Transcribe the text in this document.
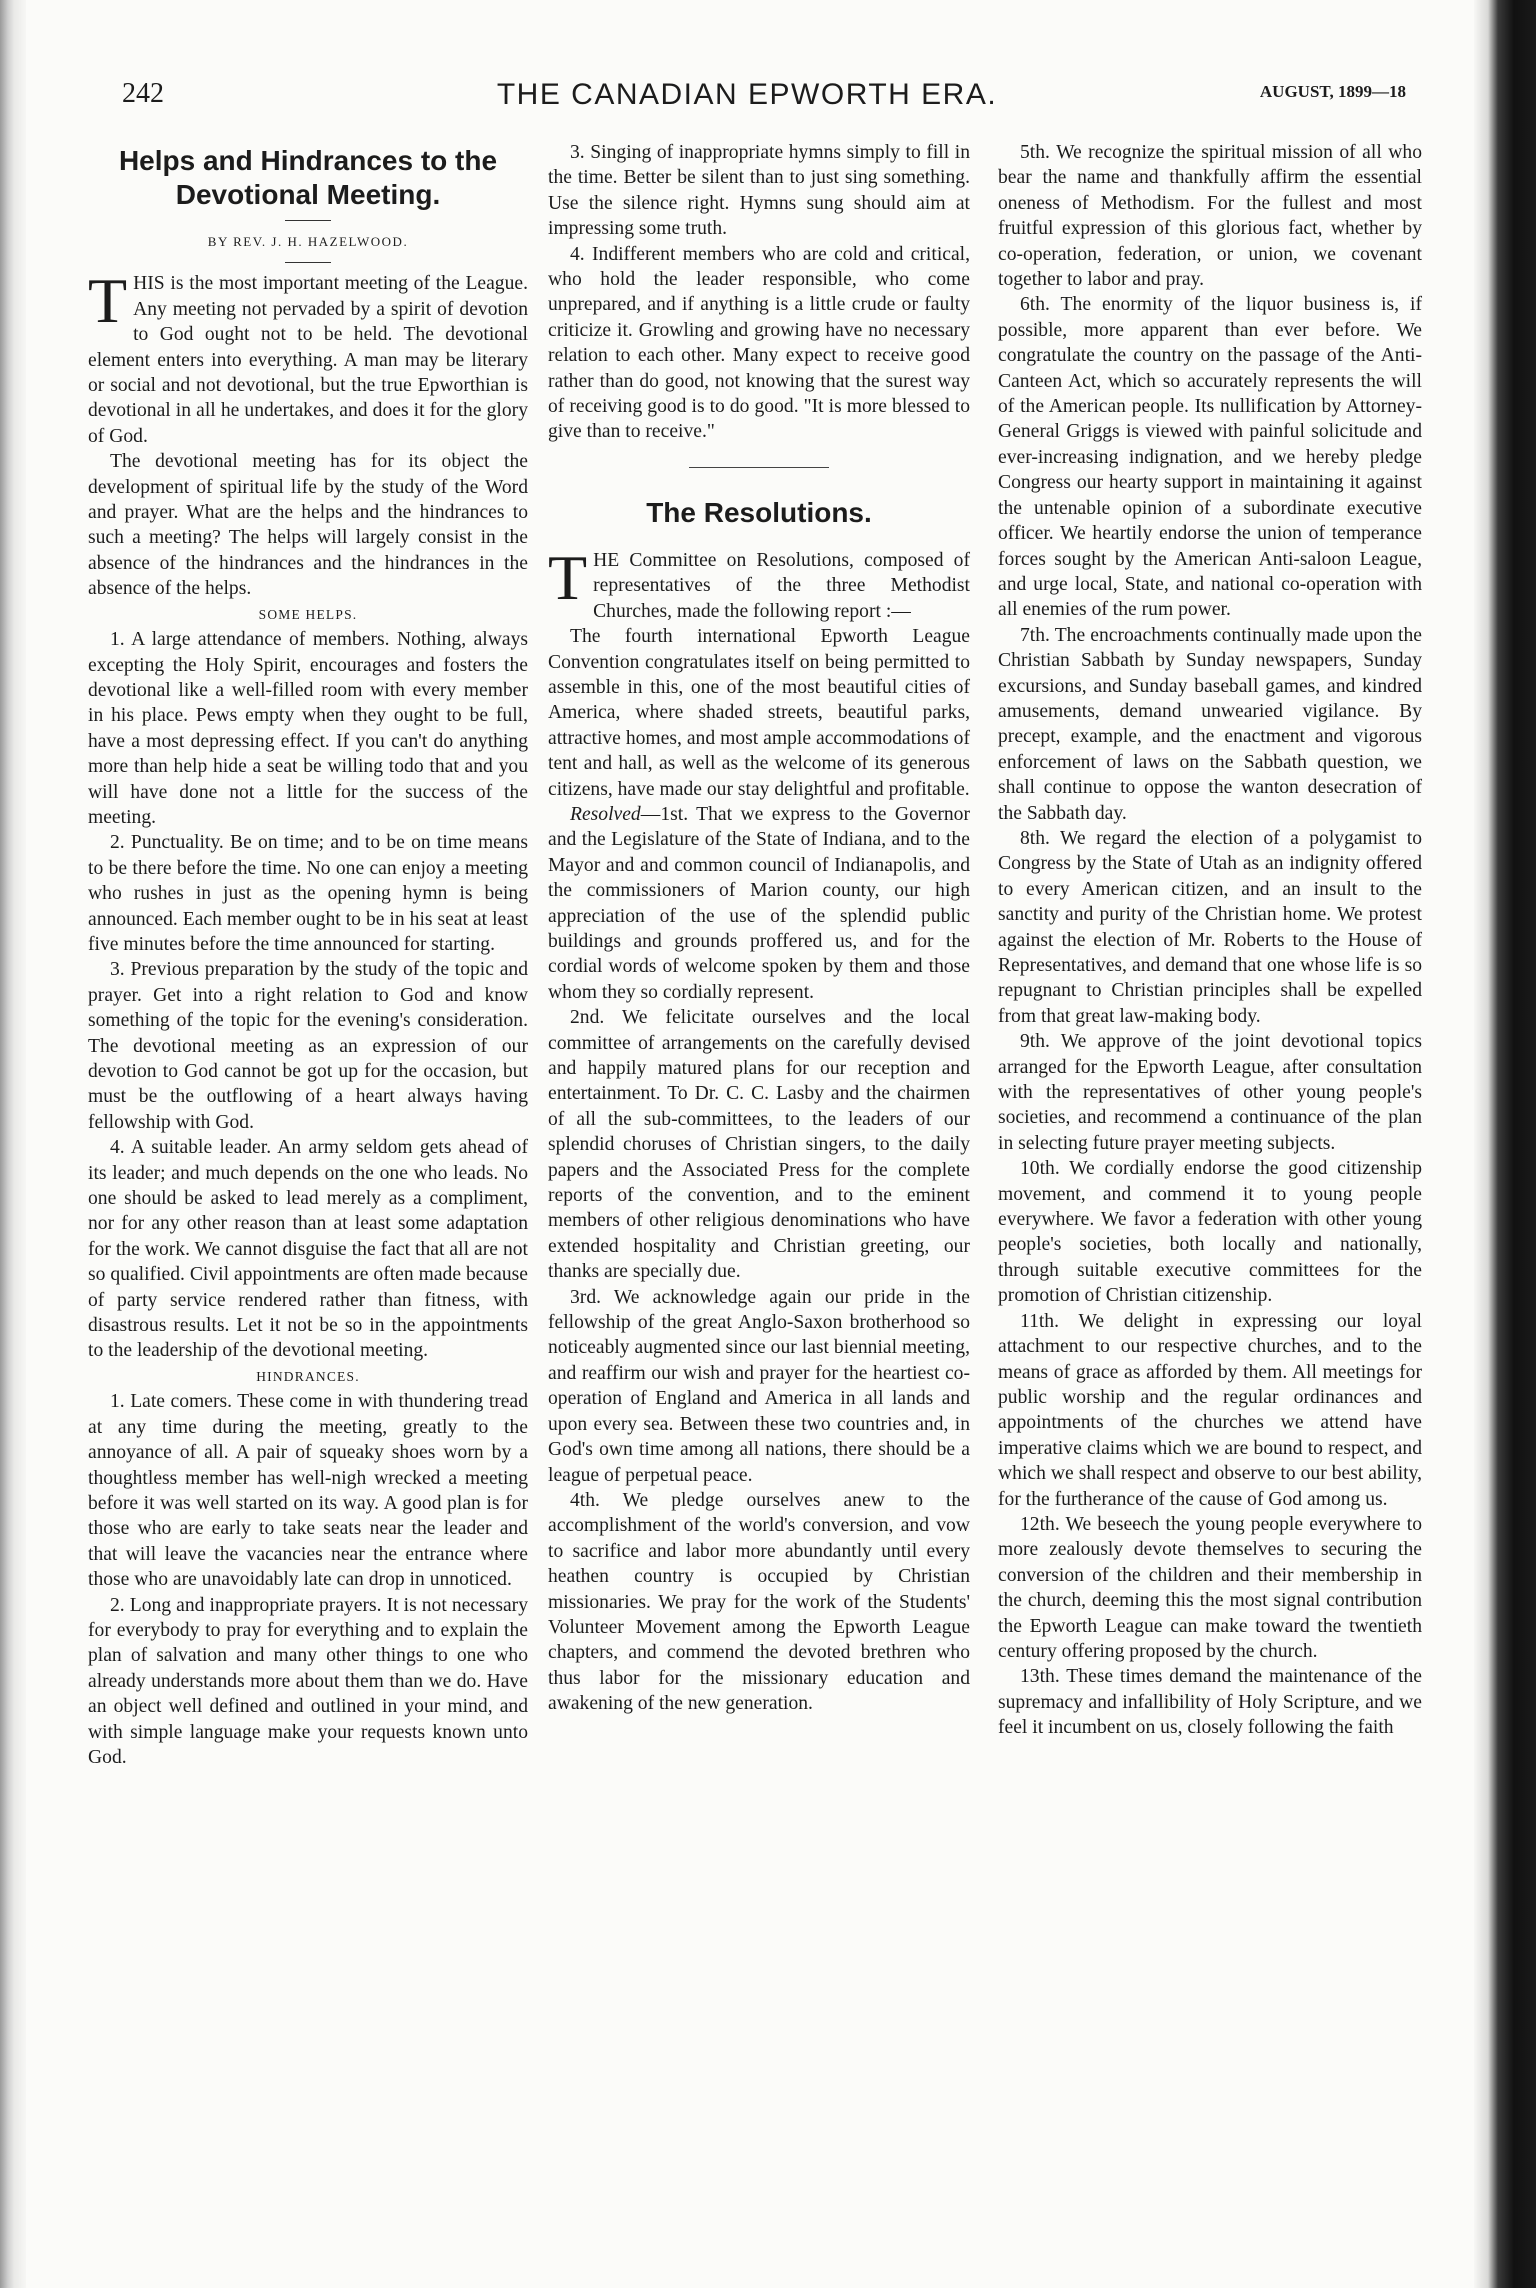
242	THE CANADIAN EPWORTH ERA.	AUGUST, 1899—18
Helps and Hindrances to the Devotional Meeting.

BY REV. J. H. HAZELWOOD.

THIS is the most important meeting of the League. Any meeting not pervaded by a spirit of devotion to God ought not to be held. The devotional element enters into everything. A man may be literary or social and not devotional, but the true Epworthian is devotional in all he undertakes, and does it for the glory of God.

The devotional meeting has for its object the development of spiritual life by the study of the Word and prayer. What are the helps and the hindrances to such a meeting? The helps will largely consist in the absence of the hindrances and the hindrances in the absence of the helps.

SOME HELPS.

1. A large attendance of members. Nothing, always excepting the Holy Spirit, encourages and fosters the devotional like a well-filled room with every member in his place. Pews empty when they ought to be full, have a most depressing effect. If you can't do anything more than help hide a seat be willing todo that and you will have done not a little for the success of the meeting.

2. Punctuality. Be on time; and to be on time means to be there before the time. No one can enjoy a meeting who rushes in just as the opening hymn is being announced. Each member ought to be in his seat at least five minutes before the time announced for starting.

3. Previous preparation by the study of the topic and prayer. Get into a right relation to God and know something of the topic for the evening's consideration. The devotional meeting as an expression of our devotion to God cannot be got up for the occasion, but must be the outflowing of a heart always having fellowship with God.

4. A suitable leader. An army seldom gets ahead of its leader; and much depends on the one who leads. No one should be asked to lead merely as a compliment, nor for any other reason than at least some adaptation for the work. We cannot disguise the fact that all are not so qualified. Civil appointments are often made because of party service rendered rather than fitness, with disastrous results. Let it not be so in the appointments to the leadership of the devotional meeting.

HINDRANCES.

1. Late comers. These come in with thundering tread at any time during the meeting, greatly to the annoyance of all. A pair of squeaky shoes worn by a thoughtless member has well-nigh wrecked a meeting before it was well started on its way. A good plan is for those who are early to take seats near the leader and that will leave the vacancies near the entrance where those who are unavoidably late can drop in unnoticed.

2. Long and inappropriate prayers. It is not necessary for everybody to pray for everything and to explain the plan of salvation and many other things to one who already understands more about them than we do. Have an object well defined and outlined in your mind, and with simple language make your requests known unto God.

3. Singing of inappropriate hymns simply to fill in the time. Better be silent than to just sing something. Use the silence right. Hymns sung should aim at impressing some truth.

4. Indifferent members who are cold and critical, who hold the leader responsible, who come unprepared, and if anything is a little crude or faulty criticize it. Growling and growing have no necessary relation to each other. Many expect to receive good rather than do good, not knowing that the surest way of receiving good is to do good. "It is more blessed to give than to receive."

The Resolutions.

THE Committee on Resolutions, composed of representatives of the three Methodist Churches, made the following report :—

The fourth international Epworth League Convention congratulates itself on being permitted to assemble in this, one of the most beautiful cities of America, where shaded streets, beautiful parks, attractive homes, and most ample accommodations of tent and hall, as well as the welcome of its generous citizens, have made our stay delightful and profitable.

Resolved—1st. That we express to the Governor and the Legislature of the State of Indiana, and to the Mayor and and common council of Indianapolis, and the commissioners of Marion county, our high appreciation of the use of the splendid public buildings and grounds proffered us, and for the cordial words of welcome spoken by them and those whom they so cordially represent.

2nd. We felicitate ourselves and the local committee of arrangements on the carefully devised and happily matured plans for our reception and entertainment. To Dr. C. C. Lasby and the chairmen of all the sub-committees, to the leaders of our splendid choruses of Christian singers, to the daily papers and the Associated Press for the complete reports of the convention, and to the eminent members of other religious denominations who have extended hospitality and Christian greeting, our thanks are specially due.

3rd. We acknowledge again our pride in the fellowship of the great Anglo-Saxon brotherhood so noticeably augmented since our last biennial meeting, and reaffirm our wish and prayer for the heartiest co-operation of England and America in all lands and upon every sea. Between these two countries and, in God's own time among all nations, there should be a league of perpetual peace.

4th. We pledge ourselves anew to the accomplishment of the world's conversion, and vow to sacrifice and labor more abundantly until every heathen country is occupied by Christian missionaries. We pray for the work of the Students' Volunteer Movement among the Epworth League chapters, and commend the devoted brethren who thus labor for the missionary education and awakening of the new generation.

5th. We recognize the spiritual mission of all who bear the name and thankfully affirm the essential oneness of Methodism. For the fullest and most fruitful expression of this glorious fact, whether by co-operation, federation, or union, we covenant together to labor and pray.

6th. The enormity of the liquor business is, if possible, more apparent than ever before. We congratulate the country on the passage of the Anti-Canteen Act, which so accurately represents the will of the American people. Its nullification by Attorney-General Griggs is viewed with painful solicitude and ever-increasing indignation, and we hereby pledge Congress our hearty support in maintaining it against the untenable opinion of a subordinate executive officer. We heartily endorse the union of temperance forces sought by the American Anti-saloon League, and urge local, State, and national co-operation with all enemies of the rum power.

7th. The encroachments continually made upon the Christian Sabbath by Sunday newspapers, Sunday excursions, and Sunday baseball games, and kindred amusements, demand unwearied vigilance. By precept, example, and the enactment and vigorous enforcement of laws on the Sabbath question, we shall continue to oppose the wanton desecration of the Sabbath day.

8th. We regard the election of a polygamist to Congress by the State of Utah as an indignity offered to every American citizen, and an insult to the sanctity and purity of the Christian home. We protest against the election of Mr. Roberts to the House of Representatives, and demand that one whose life is so repugnant to Christian principles shall be expelled from that great law-making body.

9th. We approve of the joint devotional topics arranged for the Epworth League, after consultation with the representatives of other young people's societies, and recommend a continuance of the plan in selecting future prayer meeting subjects.

10th. We cordially endorse the good citizenship movement, and commend it to young people everywhere. We favor a federation with other young people's societies, both locally and nationally, through suitable executive committees for the promotion of Christian citizenship.

11th. We delight in expressing our loyal attachment to our respective churches, and to the means of grace as afforded by them. All meetings for public worship and the regular ordinances and appointments of the churches we attend have imperative claims which we are bound to respect, and which we shall respect and observe to our best ability, for the furtherance of the cause of God among us.

12th. We beseech the young people everywhere to more zealously devote themselves to securing the conversion of the children and their membership in the church, deeming this the most signal contribution the Epworth League can make toward the twentieth century offering proposed by the church.

13th. These times demand the maintenance of the supremacy and infallibility of Holy Scripture, and we feel it incumbent on us, closely following the faith
